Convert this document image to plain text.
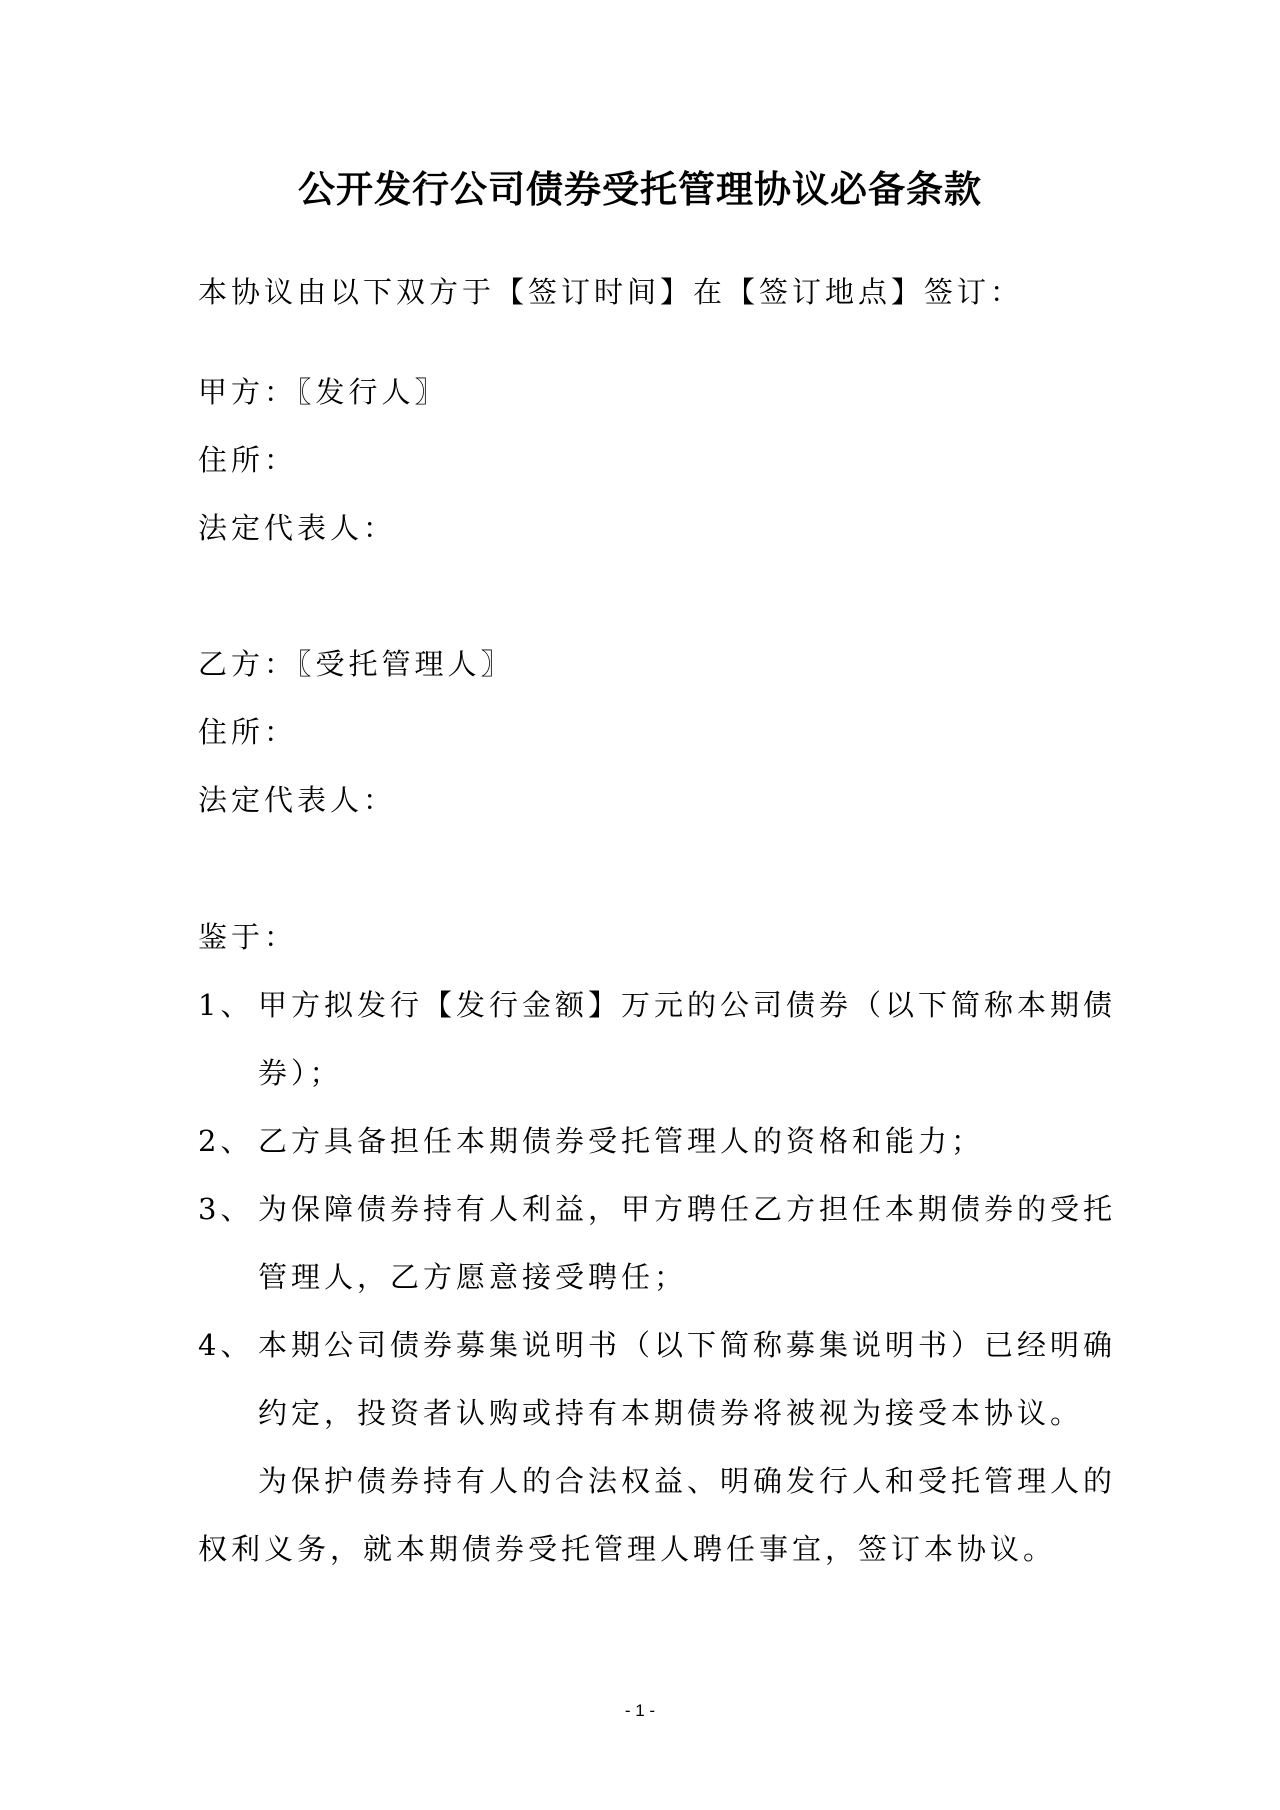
公开发行公司债券受托管理协议必备条款
本协议由以下双方于【签订时间】在【签订地点】签订：
甲方：〖发行人〗
住所：
法定代表人：
乙方：〖受托管理人〗
住所：
法定代表人：
鉴于：
1、 甲方拟发行【发行金额】万元的公司债券（以下简称本期债
券）；
2、 乙方具备担任本期债券受托管理人的资格和能力；
3、 为保障债券持有人利益，甲方聘任乙方担任本期债券的受托
管理人，乙方愿意接受聘任；
4、 本期公司债券募集说明书（以下简称募集说明书）已经明确
约定，投资者认购或持有本期债券将被视为接受本协议。
为保护债券持有人的合法权益、明确发行人和受托管理人的
权利义务，就本期债券受托管理人聘任事宜，签订本协议。
- 1 -
